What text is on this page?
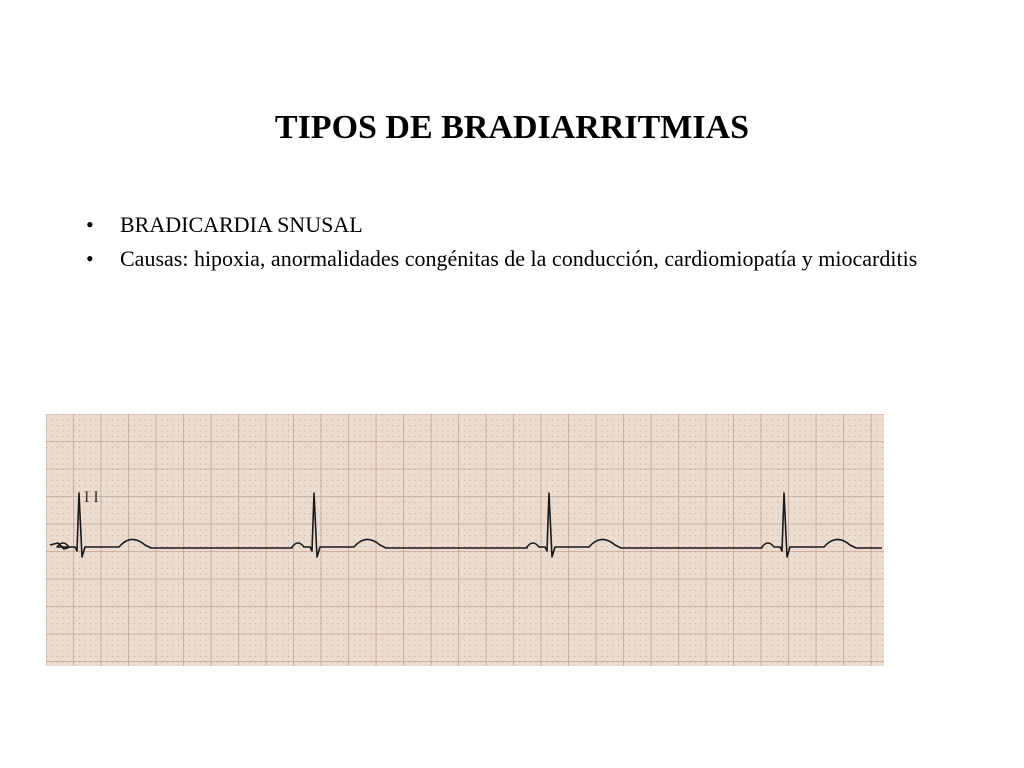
TIPOS DE BRADIARRITMIAS
• BRADICARDIA SNUSAL
• Causas: hipoxia, anormalidades congénitas de la conducción, cardiomiopatía y miocarditis
I I
